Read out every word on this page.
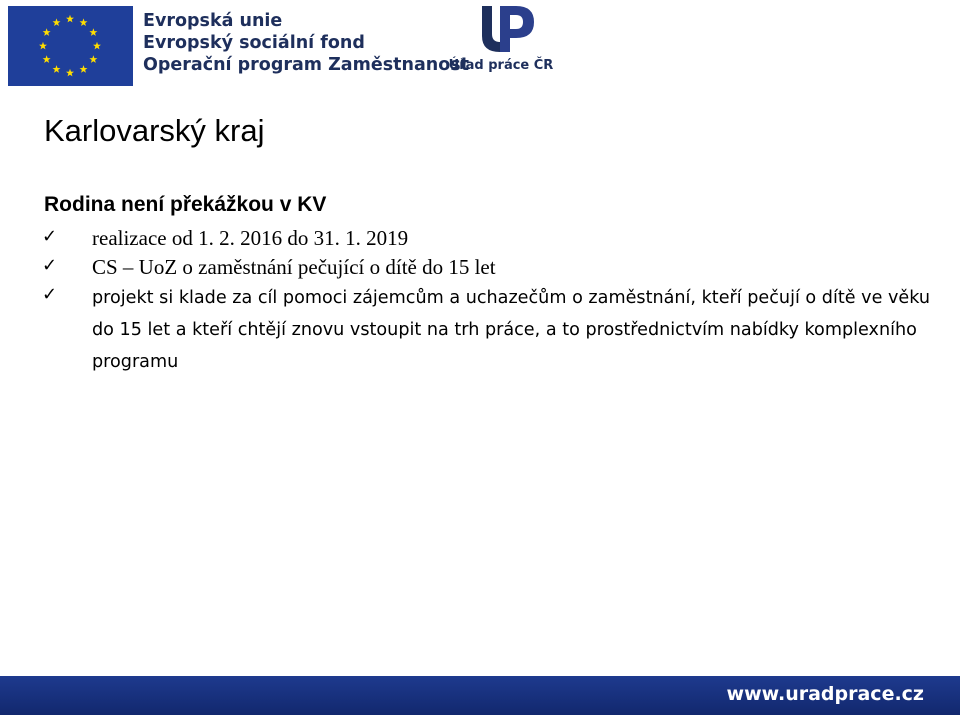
Evropská unie
Evropský sociální fond
Operační program Zaměstnanost
Úřad práce ČR
Karlovarský kraj
Rodina není překážkou v KV
✓ realizace od 1. 2. 2016 do 31. 1. 2019
✓ CS – UoZ o zaměstnání pečující o dítě do 15 let
✓ projekt si klade za cíl pomoci zájemcům a uchazečům o zaměstnání, kteří pečují o dítě ve věku do 15 let a kteří chtějí znovu vstoupit na trh práce, a to prostřednictvím nabídky komplexního programu
www.uradprace.cz
